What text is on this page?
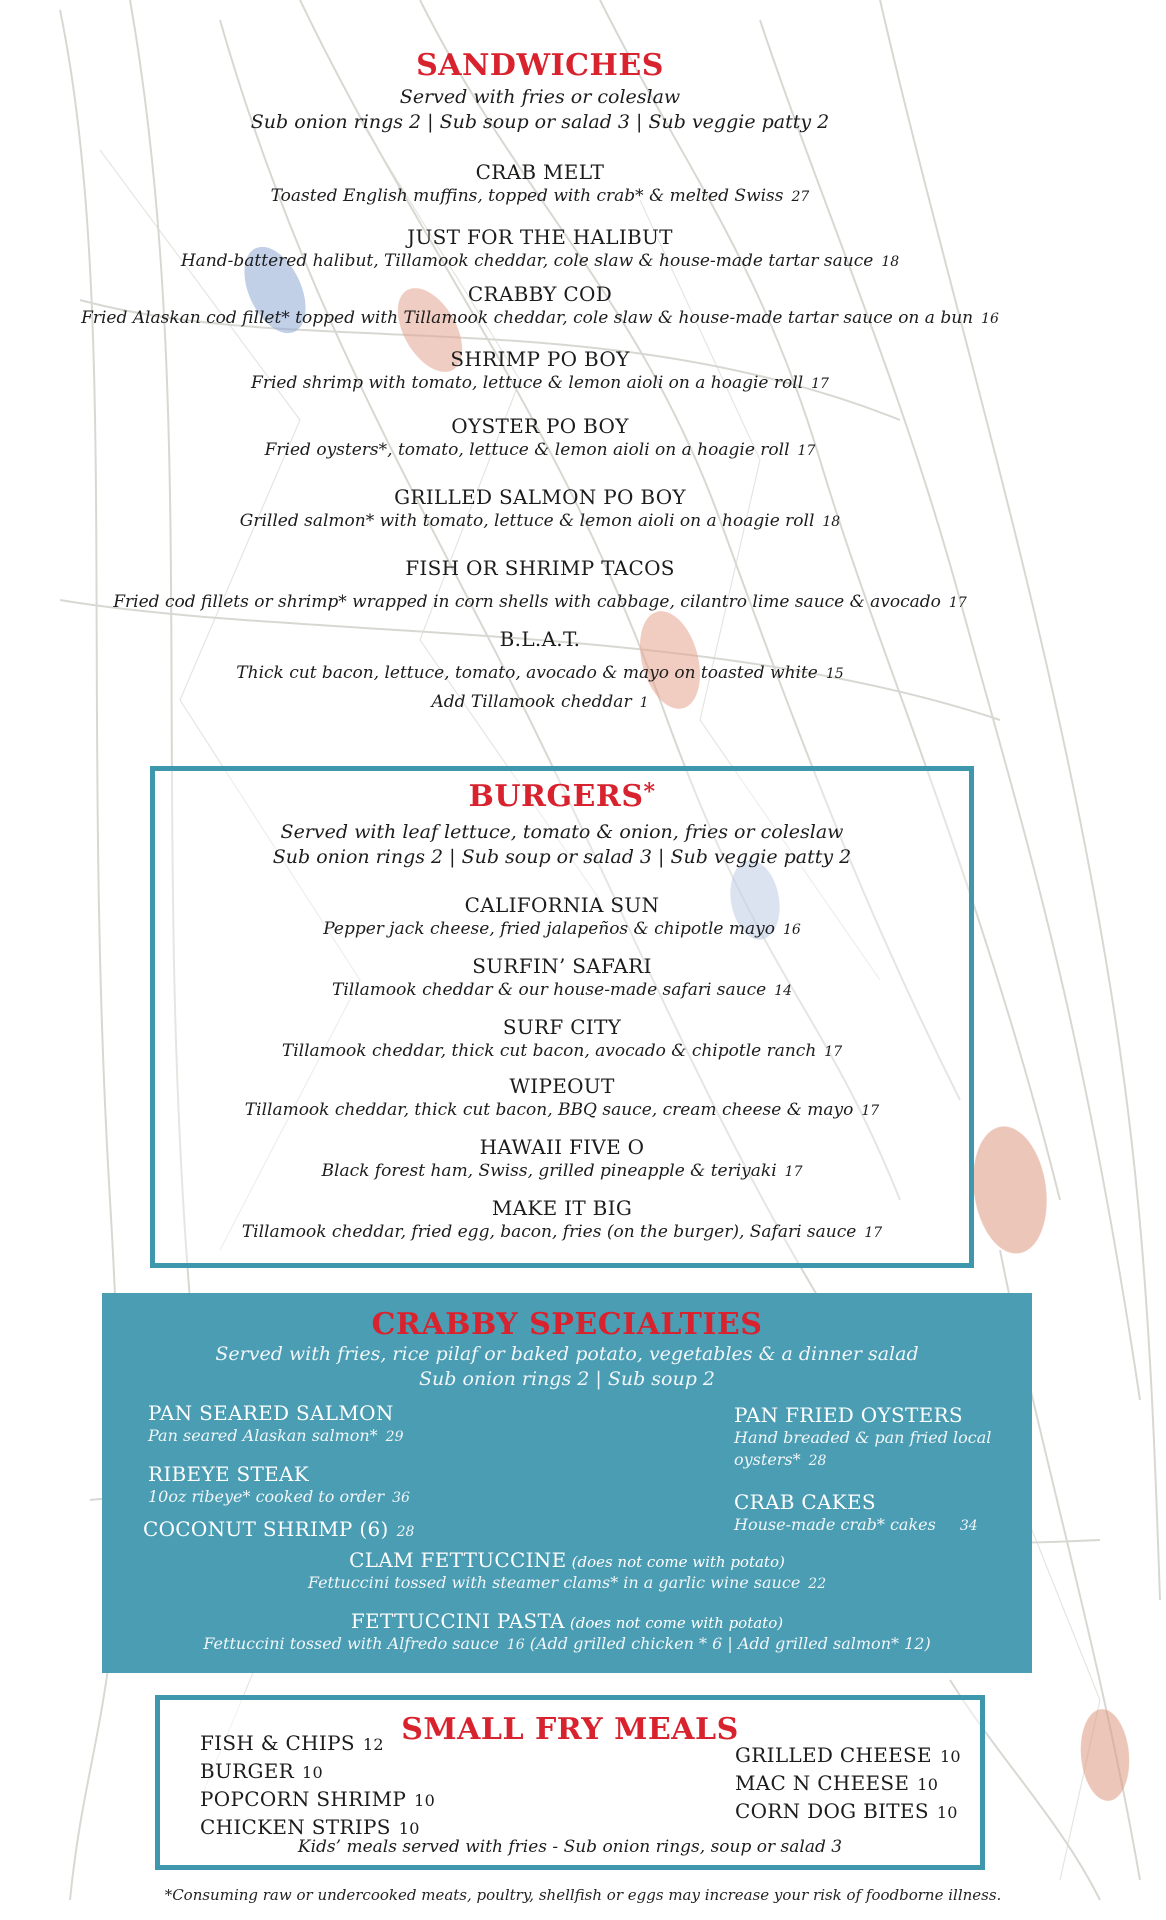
SANDWICHES
Served with fries or coleslaw
Sub onion rings 2 | Sub soup or salad 3 | Sub veggie patty 2
CRAB MELT
Toasted English muffins, topped with crab* & melted Swiss 27
JUST FOR THE HALIBUT
Hand-battered halibut, Tillamook cheddar, cole slaw & house-made tartar sauce 18
CRABBY COD
Fried Alaskan cod fillet* topped with Tillamook cheddar, cole slaw & house-made tartar sauce on a bun 16
SHRIMP PO BOY
Fried shrimp with tomato, lettuce & lemon aioli on a hoagie roll 17
OYSTER PO BOY
Fried oysters*, tomato, lettuce & lemon aioli on a hoagie roll 17
GRILLED SALMON PO BOY
Grilled salmon* with tomato, lettuce & lemon aioli on a hoagie roll 18
FISH OR SHRIMP TACOS
Fried cod fillets or shrimp* wrapped in corn shells with cabbage, cilantro lime sauce & avocado 17
B.L.A.T.
Thick cut bacon, lettuce, tomato, avocado & mayo on toasted white 15
Add Tillamook cheddar 1
BURGERS*
Served with leaf lettuce, tomato & onion, fries or coleslaw
Sub onion rings 2 | Sub soup or salad 3 | Sub veggie patty 2
CALIFORNIA SUN
Pepper jack cheese, fried jalapeños & chipotle mayo 16
SURFIN’ SAFARI
Tillamook cheddar & our house-made safari sauce 14
SURF CITY
Tillamook cheddar, thick cut bacon, avocado & chipotle ranch 17
WIPEOUT
Tillamook cheddar, thick cut bacon, BBQ sauce, cream cheese & mayo 17
HAWAII FIVE O
Black forest ham, Swiss, grilled pineapple & teriyaki 17
MAKE IT BIG
Tillamook cheddar, fried egg, bacon, fries (on the burger), Safari sauce 17
CRABBY SPECIALTIES
Served with fries, rice pilaf or baked potato, vegetables & a dinner salad
Sub onion rings 2 | Sub soup 2
PAN SEARED SALMON
Pan seared Alaskan salmon* 29
RIBEYE STEAK
10oz ribeye* cooked to order 36
COCONUT SHRIMP (6) 28
PAN FRIED OYSTERS
Hand breaded & pan fried local oysters* 28
CRAB CAKES
House-made crab* cakes 34
CLAM FETTUCCINE (does not come with potato)
Fettuccini tossed with steamer clams* in a garlic wine sauce 22
FETTUCCINI PASTA (does not come with potato)
Fettuccini tossed with Alfredo sauce 16 (Add grilled chicken * 6 | Add grilled salmon* 12)
SMALL FRY MEALS
FISH & CHIPS 12
BURGER 10
POPCORN SHRIMP 10
CHICKEN STRIPS 10
GRILLED CHEESE 10
MAC N CHEESE 10
CORN DOG BITES 10
Kids’ meals served with fries - Sub onion rings, soup or salad 3
*Consuming raw or undercooked meats, poultry, shellfish or eggs may increase your risk of foodborne illness.
